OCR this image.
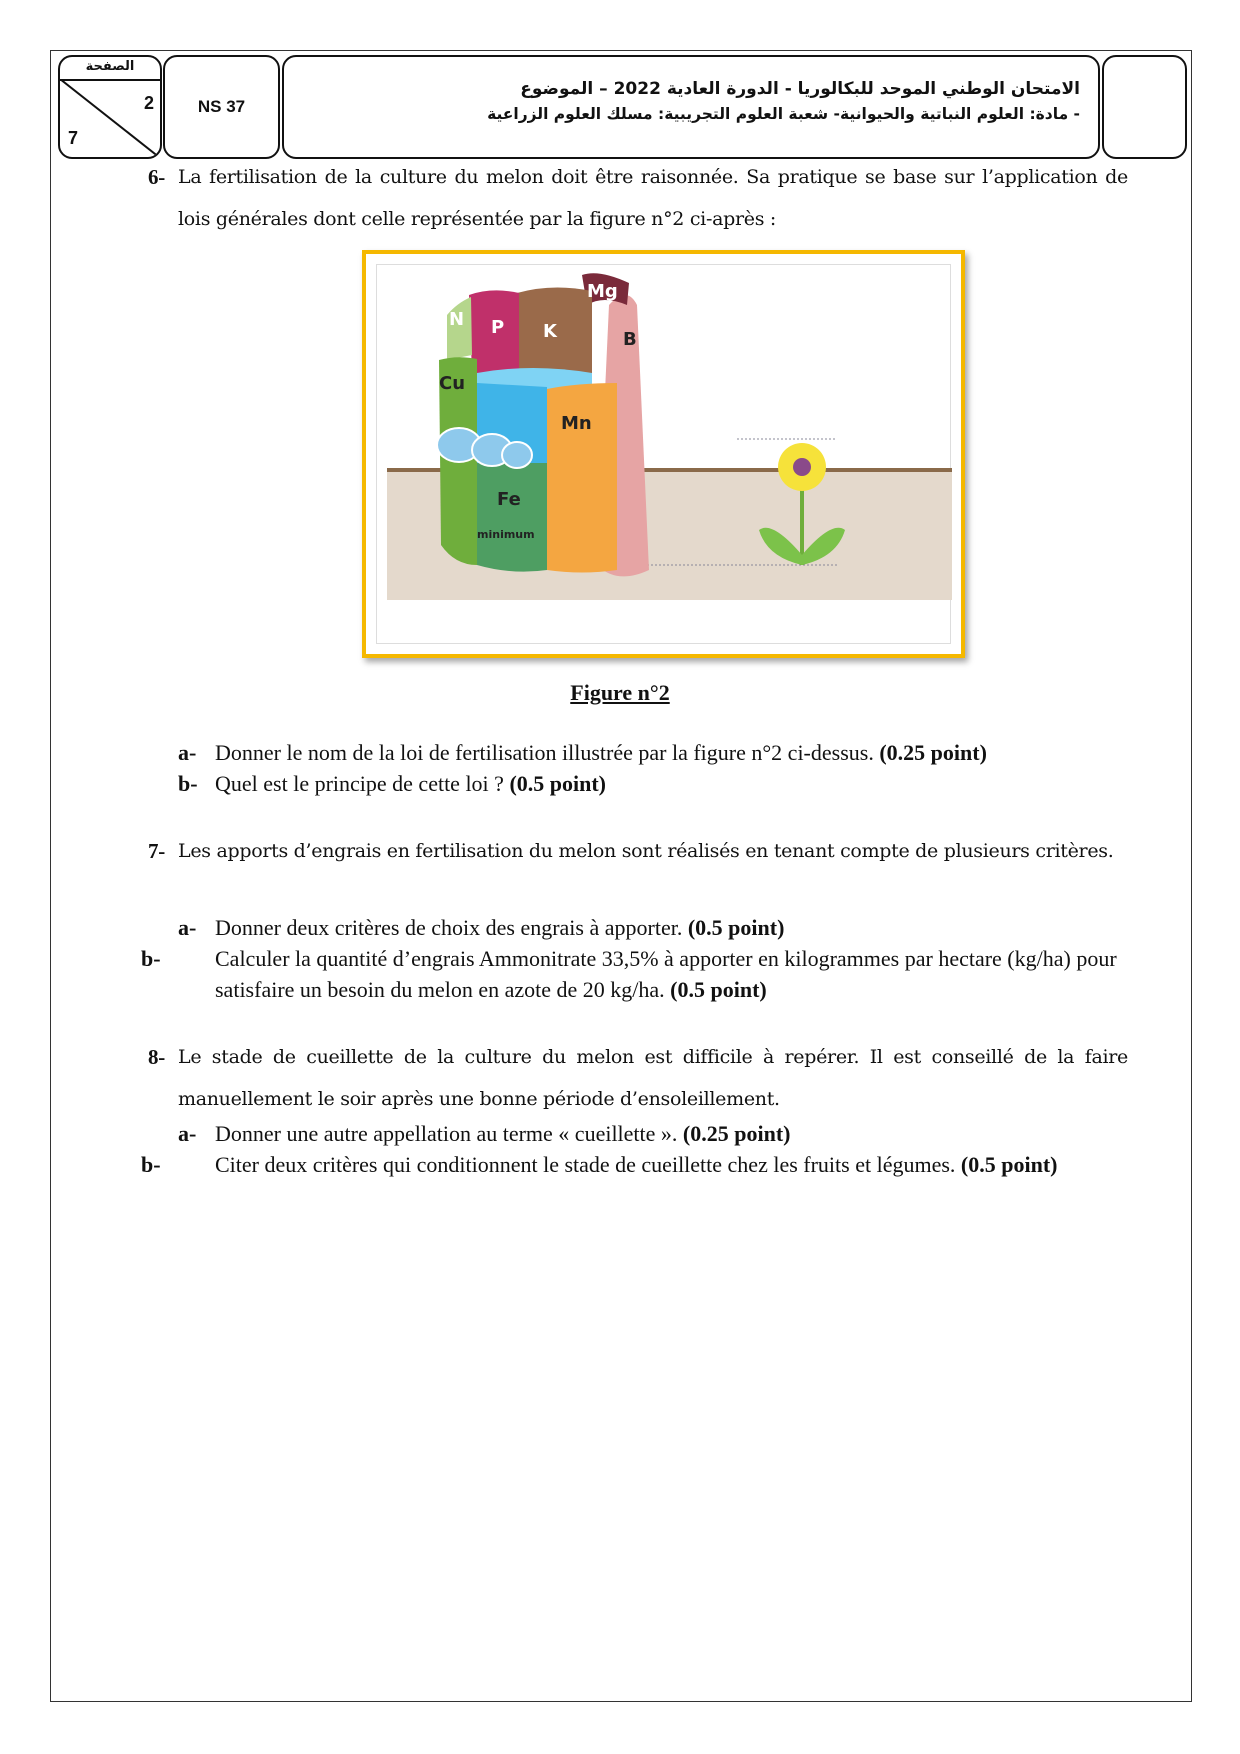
الصفحة
2
7
NS 37
الامتحان الوطني الموحد للبكالوريا - الدورة العادية 2022 – الموضوع
- مادة: العلوم النباتية والحيوانية- شعبة العلوم التجريبية: مسلك العلوم الزراعية
6- La fertilisation de la culture du melon doit être raisonnée. Sa pratique se base sur l’application de lois générales dont celle représentée par la figure n°2 ci-après :
N P K
Mg
B
Cu
Mn
Fe
minimum
Figure n°2
a- Donner le nom de la loi de fertilisation illustrée par la figure n°2 ci-dessus. (0.25 point)
b- Quel est le principe de cette loi ? (0.5 point)
7- Les apports d’engrais en fertilisation du melon sont réalisés en tenant compte de plusieurs critères.
a- Donner deux critères de choix des engrais à apporter. (0.5 point)
b- Calculer la quantité d’engrais Ammonitrate 33,5% à apporter en kilogrammes par hectare (kg/ha) pour satisfaire un besoin du melon en azote de 20 kg/ha. (0.5 point)
8- Le stade de cueillette de la culture du melon est difficile à repérer. Il est conseillé de la faire manuellement le soir après une bonne période d’ensoleillement.
a- Donner une autre appellation au terme « cueillette ». (0.25 point)
b- Citer deux critères qui conditionnent le stade de cueillette chez les fruits et légumes. (0.5 point)
